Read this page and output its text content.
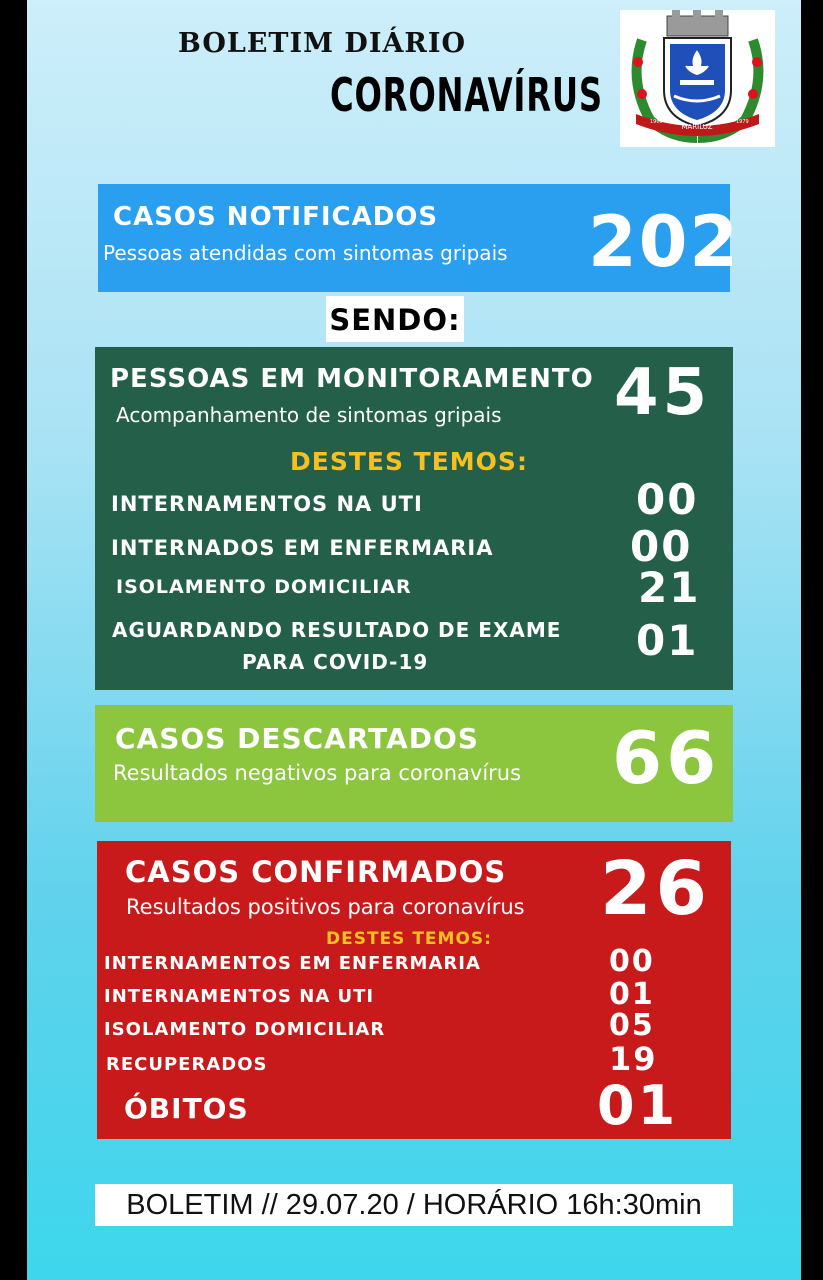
BOLETIM DIÁRIO
CORONAVÍRUS
MARILUZ
1960	1979
CASOS NOTIFICADOS
Pessoas atendidas com sintomas gripais 202
SENDO:
PESSOAS EM MONITORAMENTO
Acompanhamento de sintomas gripais 45
DESTES TEMOS:
INTERNAMENTOS NA UTI	00
INTERNADOS EM ENFERMARIA	00
ISOLAMENTO DOMICILIAR	21
AGUARDANDO RESULTADO DE EXAME
PARA COVID-19	01
CASOS DESCARTADOS
Resultados negativos para coronavírus 66
CASOS CONFIRMADOS
Resultados positivos para coronavírus 26
DESTES TEMOS:
INTERNAMENTOS EM ENFERMARIA	00
INTERNAMENTOS NA UTI	01
ISOLAMENTO DOMICILIAR	05
RECUPERADOS	19
ÓBITOS	01
BOLETIM // 29.07.20 / HORÁRIO 16h:30min
